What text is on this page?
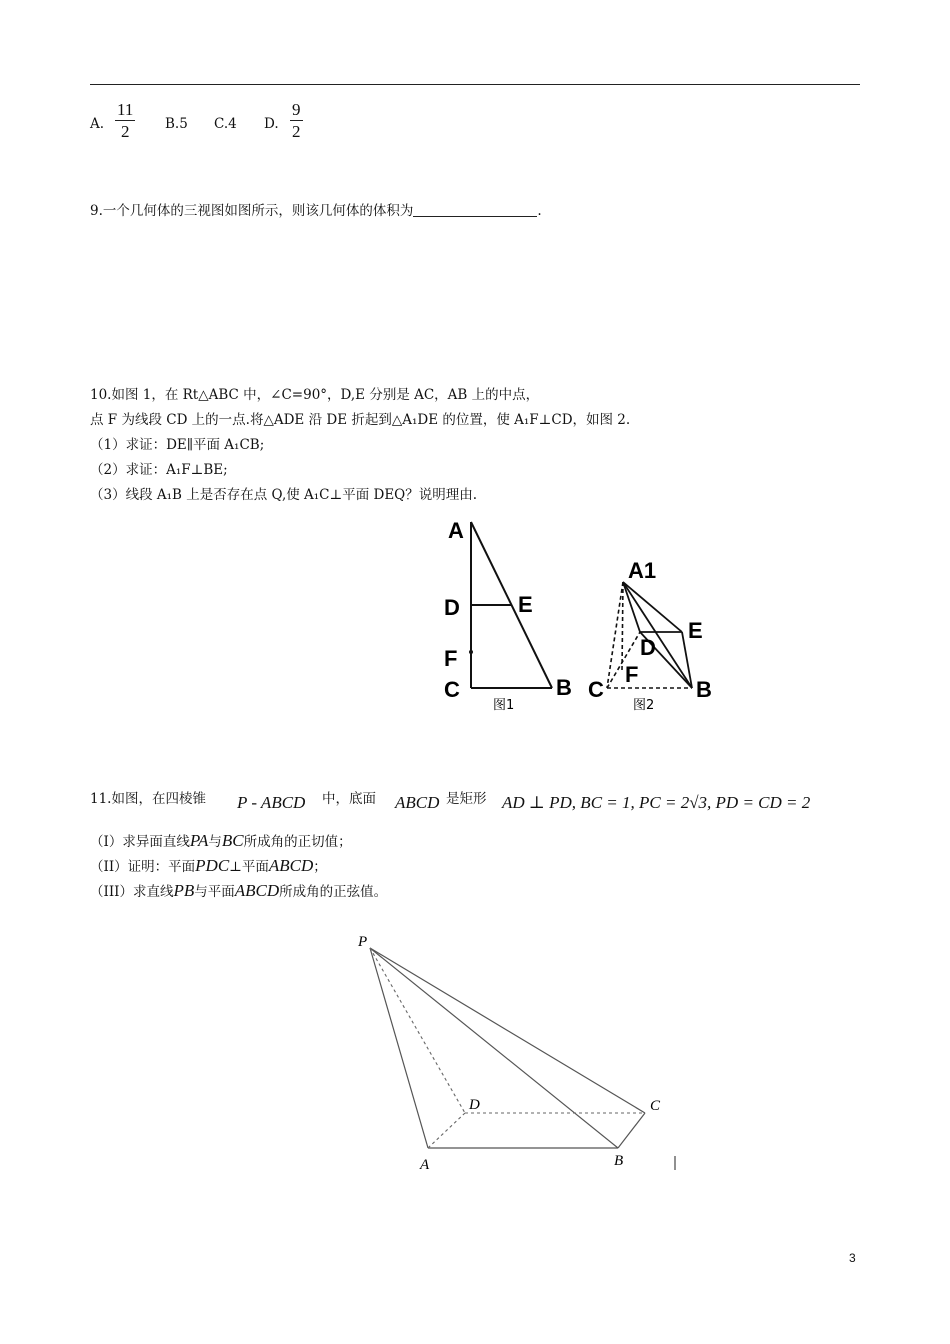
A. $\frac{11}{2} B.5$ C.4 D. $\frac{9}{2}$
9.一个几何体的三视图如图所示，则该几何体的体积为	.
10.如图 1，在 Rt△ABC 中，∠C=90°，D,E 分别是 AC，AB 上的中点，
点 F 为线段 CD 上的一点.将△ADE 沿 DE 折起到△A₁DE 的位置，使 A₁F⊥CD，如图 2.
（1）求证：DE∥平面 A₁CB;
（2）求证：A₁F⊥BE;
（3）线段 A₁B 上是否存在点 Q,使 A₁C⊥平面 DEQ？说明理由.
A
D	E
F
C	B
图1
A1
E
D
F
C	B
图2
11.如图，在四棱锥 P - ABCD 中，底面 ABCD 是矩形 AD ⊥ PD, BC = 1, PC = 2√3, PD = CD = 2
（I）求异面直线PA与BC所成角的正切值；
（II）证明：平面PDC⊥平面ABCD；
（III）求直线PB与平面ABCD所成角的正弦值。
P
D	C
A	B
3
